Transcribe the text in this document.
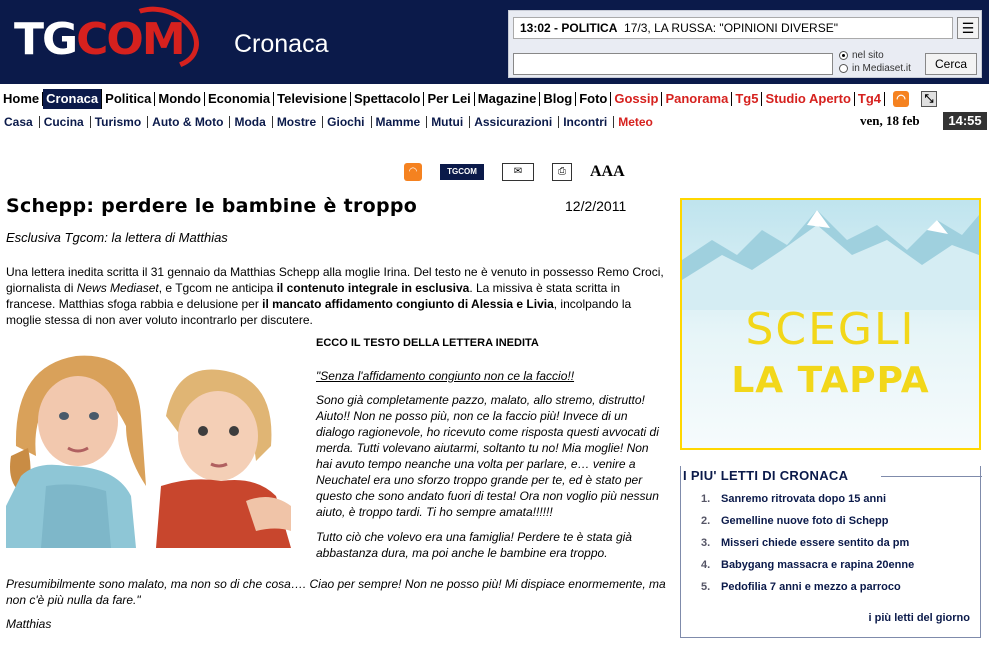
TGCOM Cronaca
13:02 - POLITICA 17/3, LA RUSSA: "OPINIONI DIVERSE"	☰
nel sito
in Mediaset.it	Cerca
Home Cronaca Politica Mondo Economia Televisione Spettacolo Per Lei Magazine Blog Foto Gossip Panorama Tg5 Studio Aperto Tg4	◠	⤡
Casa Cucina Turismo Auto & Moto Moda Mostre Giochi Mamme Mutui Assicurazioni Incontri Meteo	ven, 18 feb	14:55
◠	TGCOM	✉	⎙	AAA
Schepp: perdere le bambine è troppo	12/2/2011
Esclusiva Tgcom: la lettera di Matthias
Una lettera inedita scritta il 31 gennaio da Matthias Schepp alla moglie Irina. Del testo ne è venuto in possesso Remo Croci, giornalista di News Mediaset, e Tgcom ne anticipa il contenuto integrale in esclusiva. La missiva è stata scritta in francese. Matthias sfoga rabbia e delusione per il mancato affidamento congiunto di Alessia e Livia, incolpando la moglie stessa di non aver voluto incontrarlo per discutere.
ECCO IL TESTO DELLA LETTERA INEDITA
"Senza l'affidamento congiunto non ce la faccio!!
Sono già completamente pazzo, malato, allo stremo, distrutto! Aiuto!! Non ne posso più, non ce la faccio più! Invece di un dialogo ragionevole, ho ricevuto come risposta questi avvocati di merda. Tutti volevano aiutarmi, soltanto tu no! Mia moglie! Non hai avuto tempo neanche una volta per parlare, e… venire a Neuchatel era uno sforzo troppo grande per te, ed è stato per questo che sono andato fuori di testa! Ora non voglio più nessun aiuto, è troppo tardi. Ti ho sempre amata!!!!!!
Tutto ciò che volevo era una famiglia! Perdere te è stata già abbastanza dura, ma poi anche le bambine era troppo.
Presumibilmente sono malato, ma non so di che cosa…. Ciao per sempre! Non ne posso più! Mi dispiace enormemente, ma non c'è più nulla da fare."
Matthias
SCEGLI
LA TAPPA
I PIU' LETTI DI CRONACA
1. Sanremo ritrovata dopo 15 anni
2. Gemelline nuove foto di Schepp
3. Misseri chiede essere sentito da pm
4. Babygang massacra e rapina 20enne
5. Pedofilia 7 anni e mezzo a parroco
i più letti del giorno
